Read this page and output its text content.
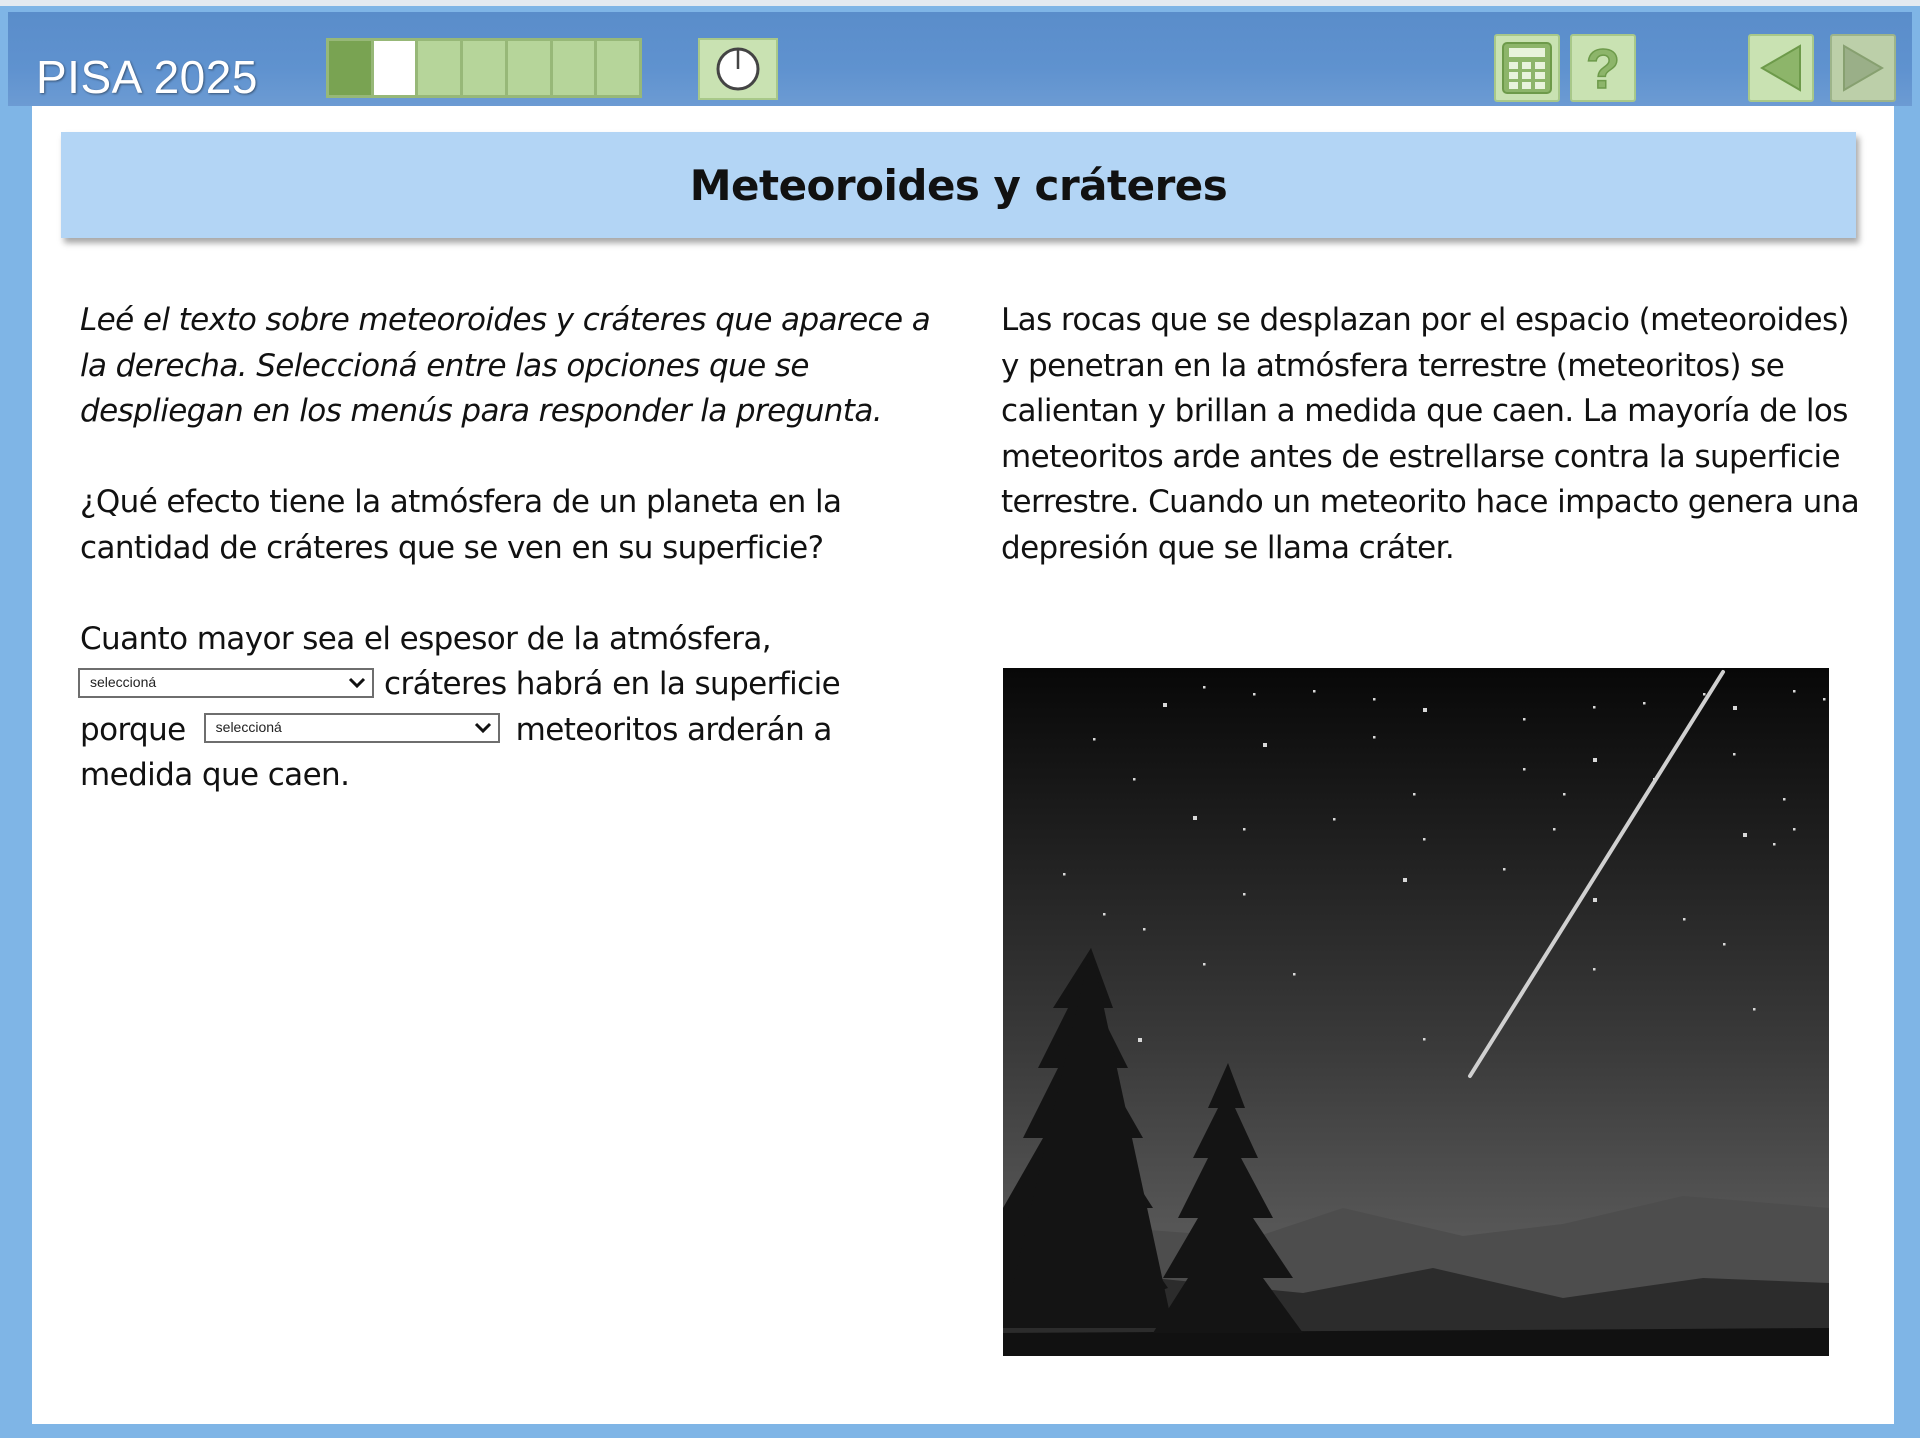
PISA 2025	?
Meteoroides y cráteres

Leé el texto sobre meteoroides y cráteres que aparece a la derecha. Seleccioná entre las opciones que se despliegan en los menús para responder la pregunta.

¿Qué efecto tiene la atmósfera de un planeta en la cantidad de cráteres que se ven en su superficie?

Cuanto mayor sea el espesor de la atmósfera,

seleccioná	cráteres habrá en la superficie
porque seleccioná	meteoritos arderán a medida que caen.

Las rocas que se desplazan por el espacio (meteoroides) y penetran en la atmósfera terrestre (meteoritos) se calientan y brillan a medida que caen. La mayoría de los meteoritos arde antes de estrellarse contra la superficie terrestre. Cuando un meteorito hace impacto genera una depresión que se llama cráter.
